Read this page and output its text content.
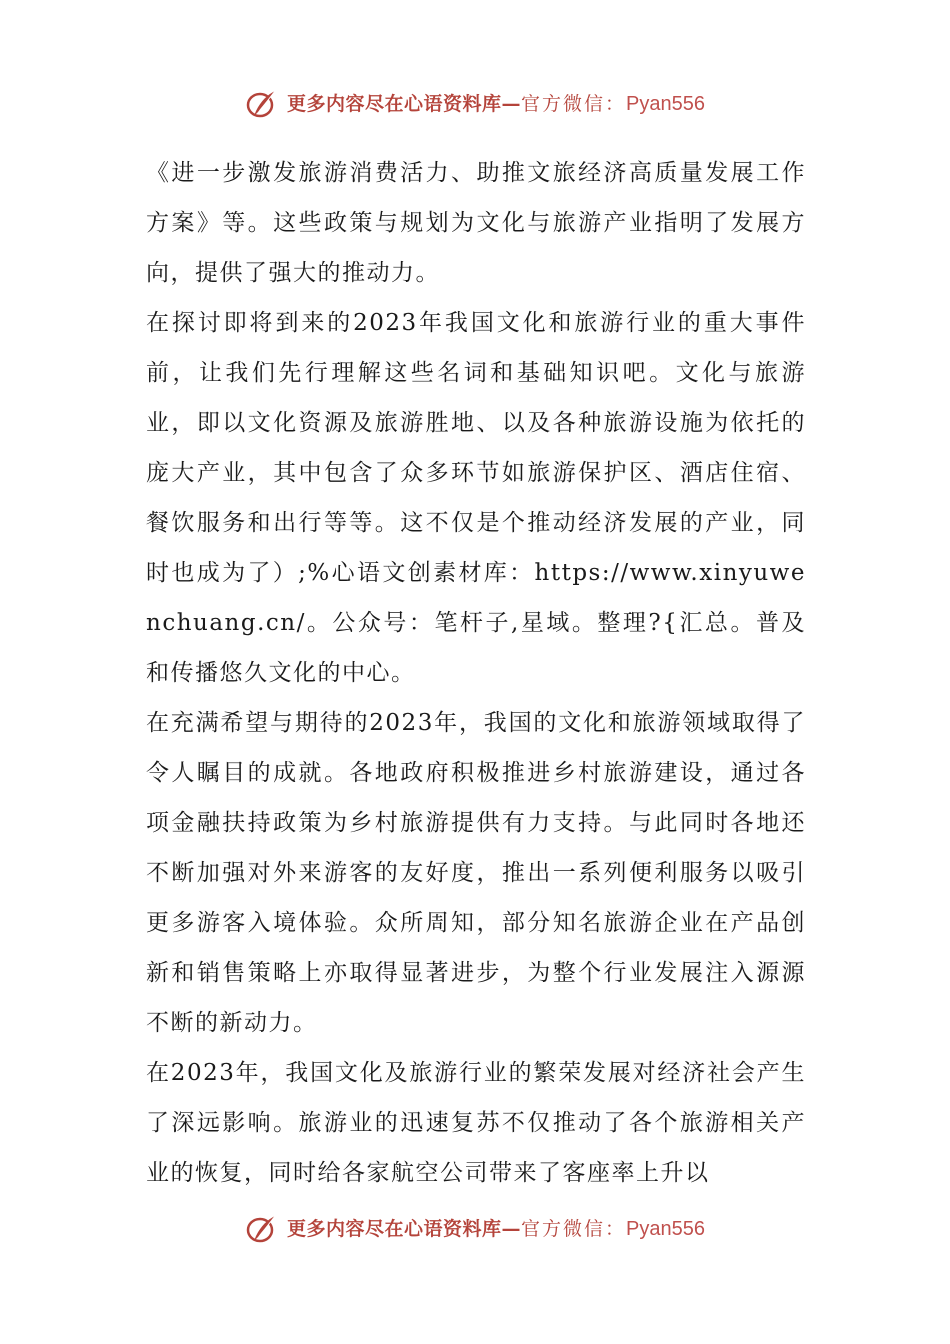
更多内容尽在心语资料库—官方微信：Pyan556

《进一步激发旅游消费活力、助推文旅经济高质量发展工作方案》等。这些政策与规划为文化与旅游产业指明了发展方向，提供了强大的推动力。

在探讨即将到来的2023年我国文化和旅游行业的重大事件前，让我们先行理解这些名词和基础知识吧。文化与旅游业，即以文化资源及旅游胜地、以及各种旅游设施为依托的庞大产业，其中包含了众多环节如旅游保护区、酒店住宿、餐饮服务和出行等等。这不仅是个推动经济发展的产业，同时也成为了）;%心语文创素材库：https://www.xinyuwenchuang.cn/。公众号：笔杆子,星域。整理?{汇总。普及和传播悠久文化的中心。

在充满希望与期待的2023年，我国的文化和旅游领域取得了令人瞩目的成就。各地政府积极推进乡村旅游建设，通过各项金融扶持政策为乡村旅游提供有力支持。与此同时各地还不断加强对外来游客的友好度，推出一系列便利服务以吸引更多游客入境体验。众所周知，部分知名旅游企业在产品创新和销售策略上亦取得显著进步，为整个行业发展注入源源不断的新动力。

在2023年，我国文化及旅游行业的繁荣发展对经济社会产生了深远影响。旅游业的迅速复苏不仅推动了各个旅游相关产业的恢复，同时给各家航空公司带来了客座率上升以

更多内容尽在心语资料库—官方微信：Pyan556
